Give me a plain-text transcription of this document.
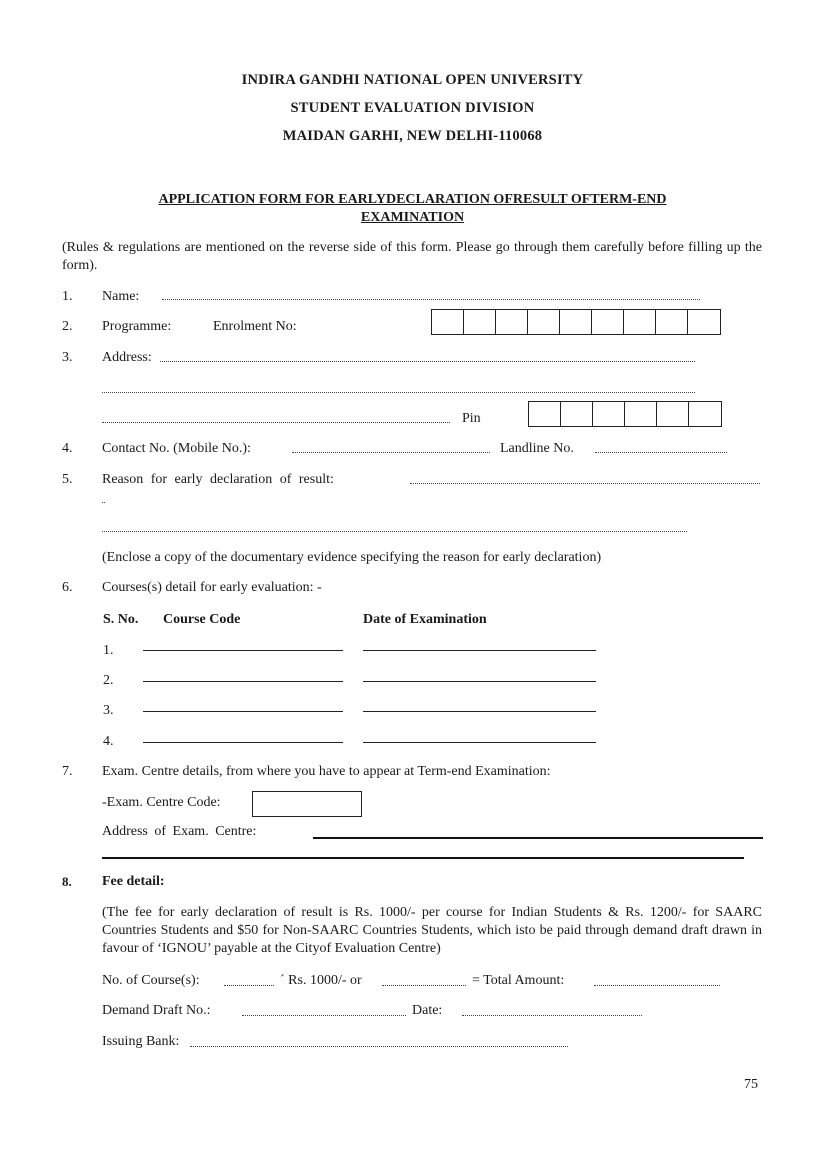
INDIRA GANDHI NATIONAL OPEN UNIVERSITY
STUDENT EVALUATION DIVISION
MAIDAN GARHI, NEW DELHI-110068
APPLICATION FORM FOR EARLYDECLARATION OFRESULT OFTERM-END
EXAMINATION
(Rules & regulations are mentioned on the reverse side of this form. Please go through them carefully before filling up the form).
1. Name:
2. Programme:	Enrolment No:
3. Address:
Pin
4. Contact No. (Mobile No.):	Landline No.
5. Reason for early declaration of result:
(Enclose a copy of the documentary evidence specifying the reason for early declaration)
6. Courses(s) detail for early evaluation: -
S. No. Course Code	Date of Examination
1.
2.
3.
4.
7. Exam. Centre details, from where you have to appear at Term-end Examination:
-Exam. Centre Code:
Address of Exam. Centre:
8. Fee detail:
(The fee for early declaration of result is Rs. 1000/- per course for Indian Students & Rs. 1200/- for SAARC Countries Students and $50 for Non-SAARC Countries Students, which isto be paid through demand draft drawn in favour of ‘IGNOU’ payable at the Cityof Evaluation Centre)
No. of Course(s):	´ Rs. 1000/- or	= Total Amount:
Demand Draft No.:	Date:
Issuing Bank:
75
